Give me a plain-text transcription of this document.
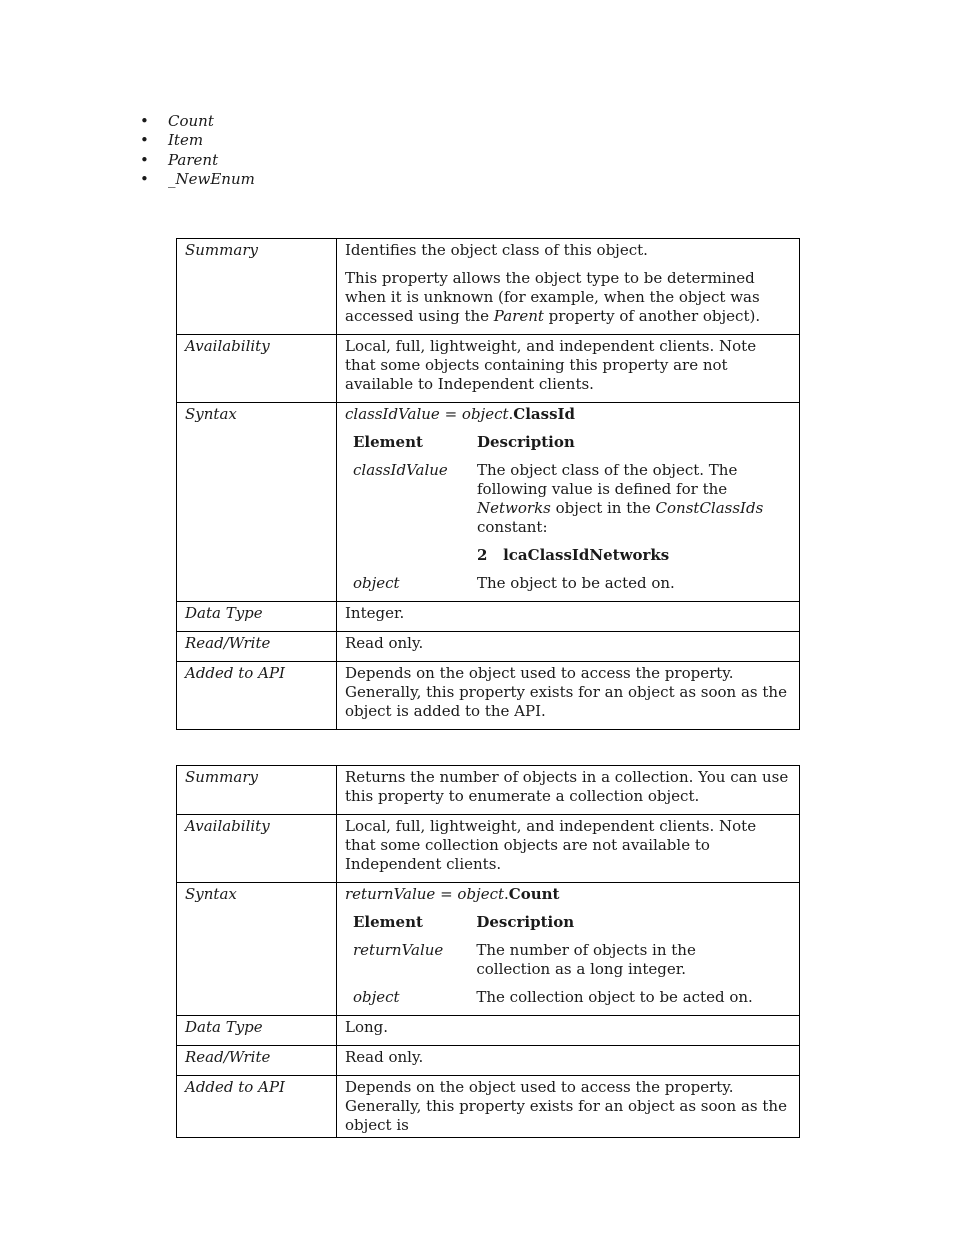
• Count
• Item
• Parent
• _NewEnum
Summary	Identifies the object class of this object.

This property allows the object type to be determined when it is unknown (for example, when the object was accessed using the Parent property of another object).

Availability	Local, full, lightweight, and independent clients. Note that some objects containing this property are not available to Independent clients.
Syntax	classIdValue = object.ClassId

Element	Description
classIdValue	The object class of the object. The following value is defined for the Networks object in the ConstClassIds constant:
2   lcaClassIdNetworks

object	The object to be acted on.

Data Type	Integer.
Read/Write	Read only.
Added to API	Depends on the object used to access the property. Generally, this property exists for an object as soon as the object is added to the API.
Summary	Returns the number of objects in a collection. You can use this property to enumerate a collection object.
Availability	Local, full, lightweight, and independent clients. Note that some collection objects are not available to Independent clients.
Syntax	returnValue = object.Count

Element	Description
returnValue	The number of objects in the collection as a long integer.
object	The collection object to be acted on.

Data Type	Long.
Read/Write	Read only.
Added to API	Depends on the object used to access the property. Generally, this property exists for an object as soon as the object is
